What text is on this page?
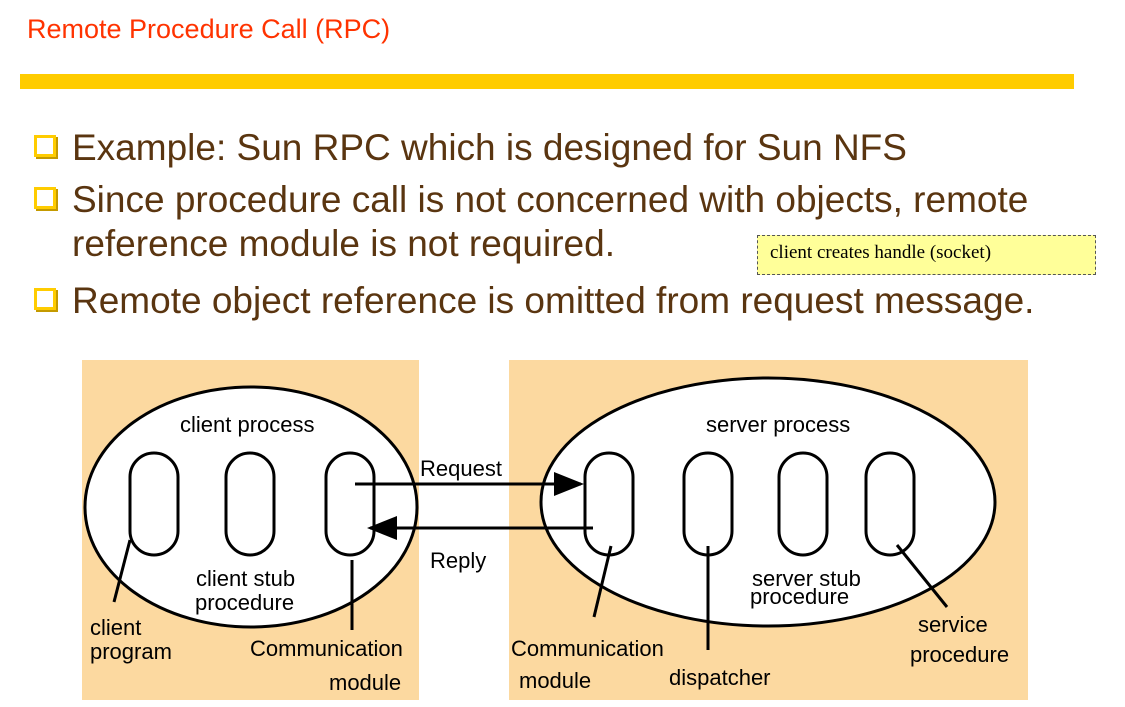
Remote Procedure Call (RPC)
Example: Sun RPC which is designed for Sun NFS
Since procedure call is not concerned with objects, remote
reference module is not required.
Remote object reference is omitted from request message.
client creates handle (socket)
client process	server process
Request
Reply
client stub
procedure
client
program	Communication
module
server stub
procedure
Communication
module	dispatcher
service
procedure
